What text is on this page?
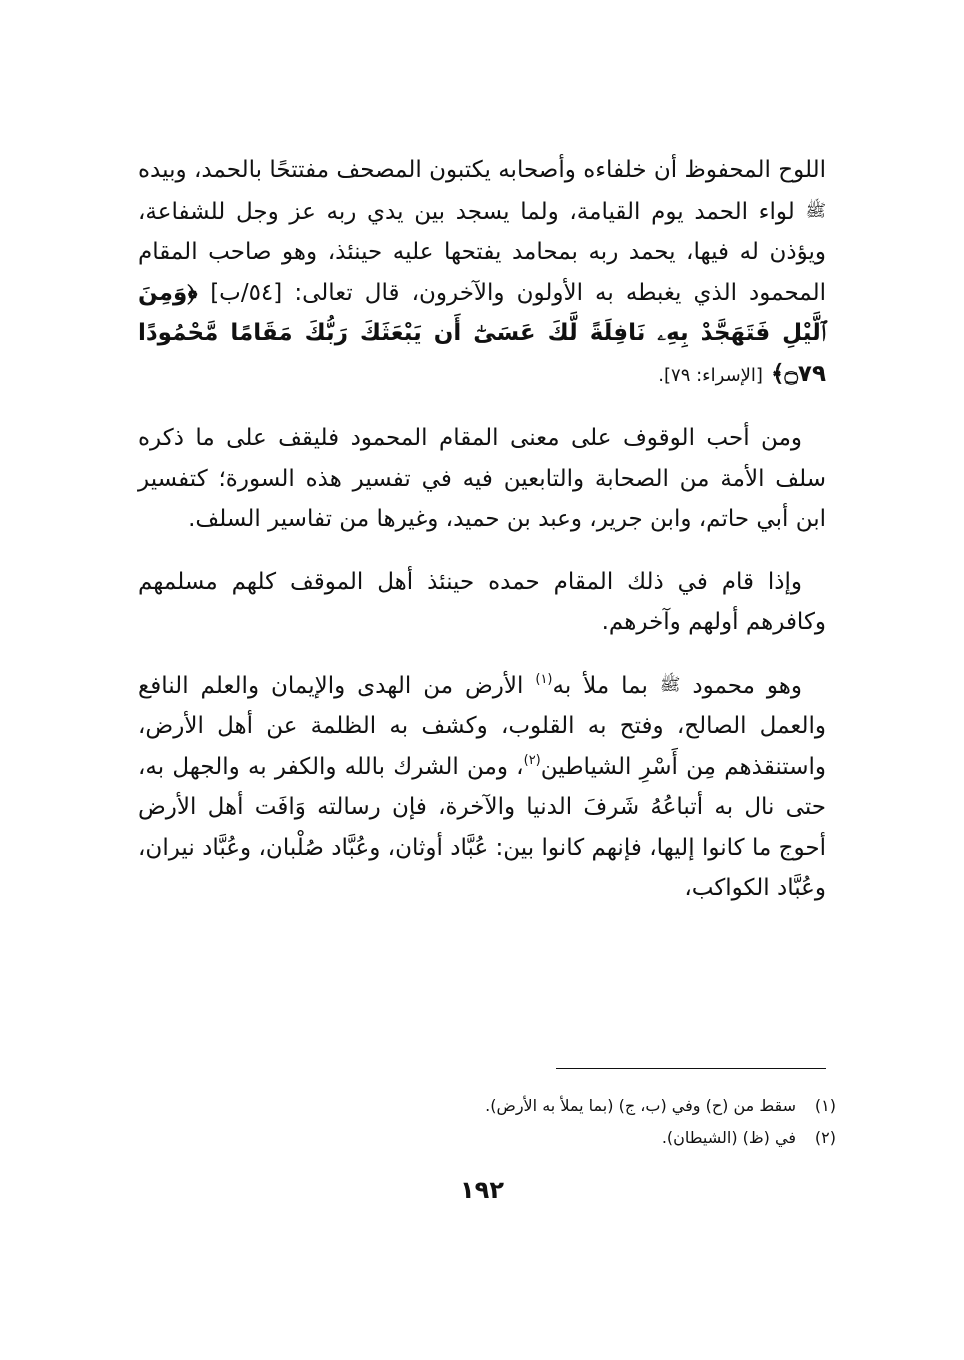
اللوح المحفوظ أن خلفاءه وأصحابه يكتبون المصحف مفتتحًا بالحمد، وبيده ﷺ لواء الحمد يوم القيامة، ولما يسجد بين يدي ربه عز وجل للشفاعة، ويؤذن له فيها، يحمد ربه بمحامد يفتحها عليه حينئذ، وهو صاحب المقام المحمود الذي يغبطه به الأولون والآخرون، قال تعالى: [٥٤/ب] ﴿وَمِنَ ٱلَّيْلِ فَتَهَجَّدْ بِهِۦ نَافِلَةً لَّكَ عَسَىٰٓ أَن يَبْعَثَكَ رَبُّكَ مَقَامًا مَّحْمُودًا ۝٧٩﴾ [الإسراء: ٧٩].

ومن أحب الوقوف على معنى المقام المحمود فليقف على ما ذكره سلف الأمة من الصحابة والتابعين فيه في تفسير هذه السورة؛ كتفسير ابن أبي حاتم، وابن جرير، وعبد بن حميد، وغيرها من تفاسير السلف.

وإذا قام في ذلك المقام حمده حينئذ أهل الموقف كلهم مسلمهم وكافرهم أولهم وآخرهم.

وهو محمود ﷺ بما ملأ به$^{(١)}$ الأرض من الهدى والإيمان والعلم النافع والعمل الصالح، وفتح به القلوب، وكشف به الظلمة عن أهل الأرض، واستنقذهم مِن أَسْرِ الشياطين$^{(٢)}$، ومن الشرك بالله والكفر به والجهل به، حتى نال به أتباعُهُ شَرفَ الدنيا والآخرة، فإن رسالته وَافَت أهل الأرض أحوج ما كانوا إليها، فإنهم كانوا بين: عُبَّاد أوثان، وعُبَّاد صُلْبان، وعُبَّاد نيران، وعُبَّاد الكواكب،

(١)سقط من (ح) وفي (ب، ج) (بما يملأ به الأرض).
(٢)في (ظ) (الشيطان).
١٩٢
